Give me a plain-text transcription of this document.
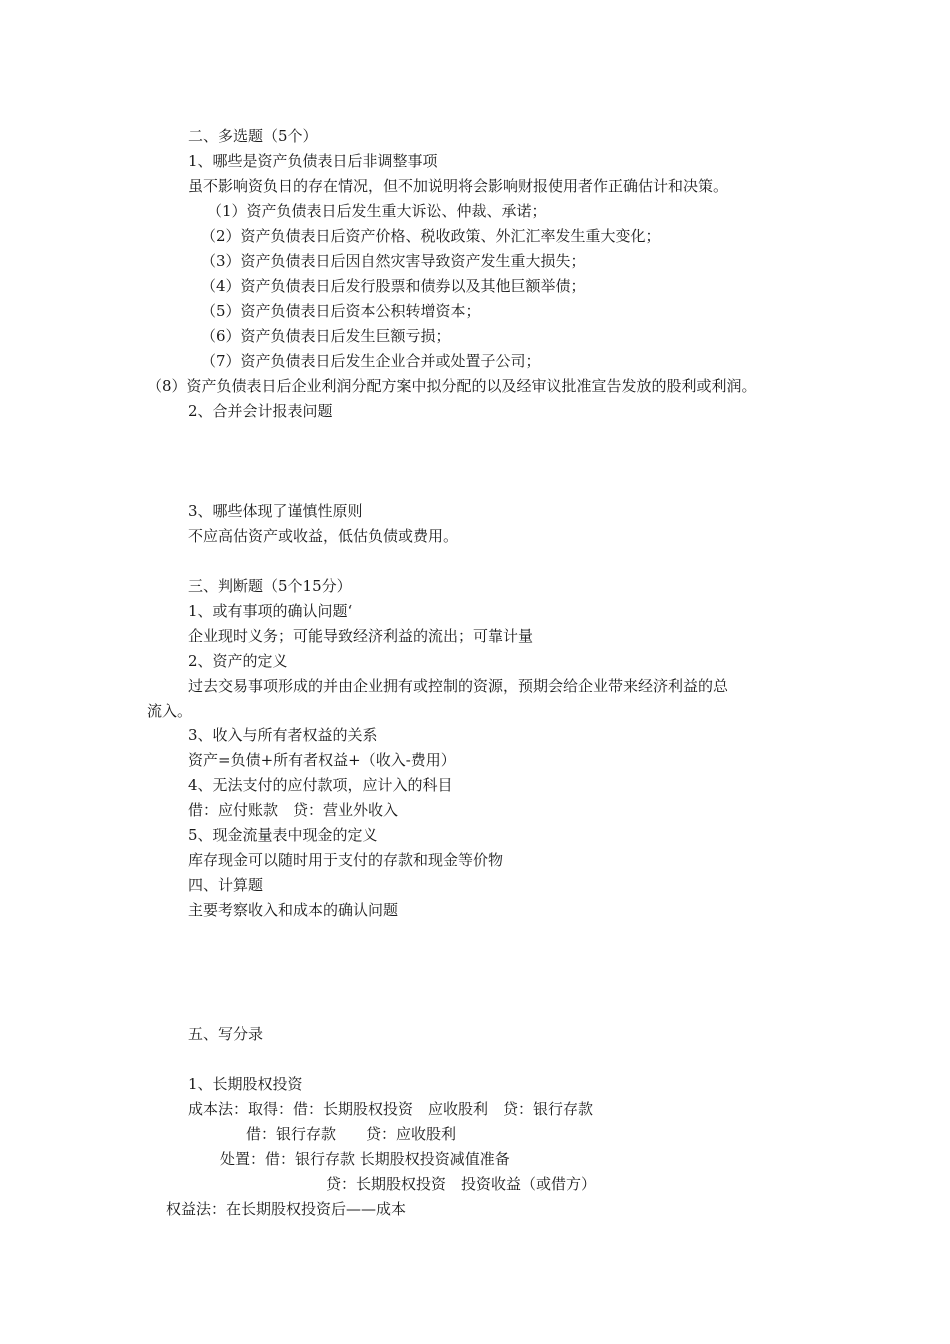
二、多选题（5个）
1、哪些是资产负债表日后非调整事项
虽不影响资负日的存在情况，但不加说明将会影响财报使用者作正确估计和决策。
（1）资产负债表日后发生重大诉讼、仲裁、承诺；
（2）资产负债表日后资产价格、税收政策、外汇汇率发生重大变化；
（3）资产负债表日后因自然灾害导致资产发生重大损失；
（4）资产负债表日后发行股票和债券以及其他巨额举债；
（5）资产负债表日后资本公积转增资本；
（6）资产负债表日后发生巨额亏损；
（7）资产负债表日后发生企业合并或处置子公司；
（8）资产负债表日后企业利润分配方案中拟分配的以及经审议批准宣告发放的股利或利润。
2、合并会计报表问题
3、哪些体现了谨慎性原则
不应高估资产或收益，低估负债或费用。
三、判断题（5个15分）
1、或有事项的确认问题‘
企业现时义务；可能导致经济利益的流出；可靠计量
2、资产的定义
过去交易事项形成的并由企业拥有或控制的资源，预期会给企业带来经济利益的总
流入。
3、收入与所有者权益的关系
资产=负债+所有者权益+（收入-费用）
4、无法支付的应付款项，应计入的科目
借：应付账款　贷：营业外收入
5、现金流量表中现金的定义
库存现金可以随时用于支付的存款和现金等价物
四、计算题
主要考察收入和成本的确认问题
五、写分录
1、长期股权投资
成本法：取得：借：长期股权投资　应收股利　贷：银行存款
借：银行存款　　贷：应收股利
处置：借：银行存款 长期股权投资减值准备
贷：长期股权投资　投资收益（或借方）
权益法：在长期股权投资后——成本
